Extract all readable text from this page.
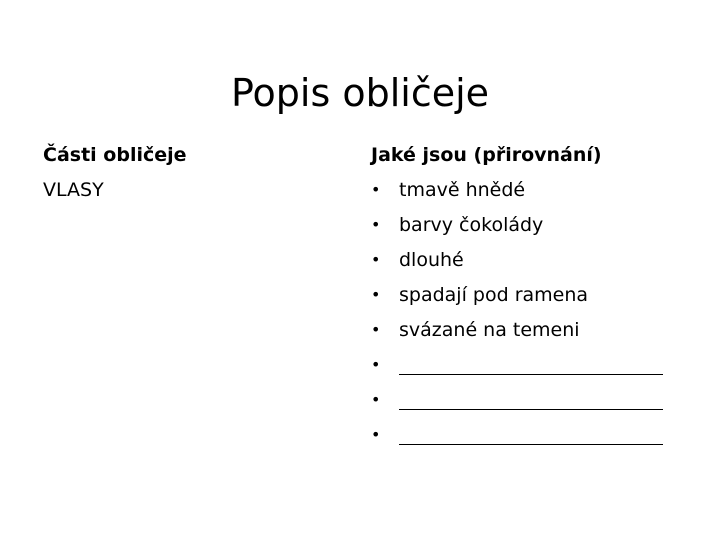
Popis obličeje
Části obličeje
VLASY
Jaké jsou (přirovnání)
• tmavě hnědé
• barvy čokolády
• dlouhé
• spadají pod ramena
• svázané na temeni
•
•
•
